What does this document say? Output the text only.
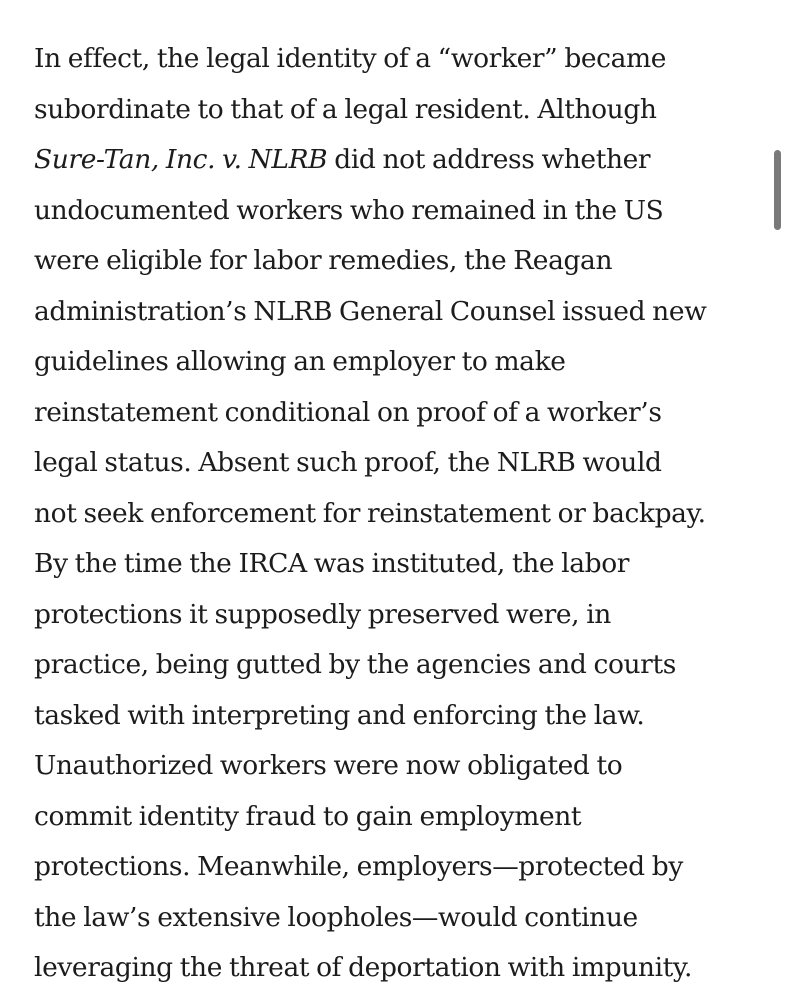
In effect, the legal identity of a “worker” became
subordinate to that of a legal resident. Although
Sure-Tan, Inc. v. NLRB did not address whether
undocumented workers who remained in the US
were eligible for labor remedies, the Reagan
administration’s NLRB General Counsel issued new
guidelines allowing an employer to make
reinstatement conditional on proof of a worker’s
legal status. Absent such proof, the NLRB would
not seek enforcement for reinstatement or backpay.
By the time the IRCA was instituted, the labor
protections it supposedly preserved were, in
practice, being gutted by the agencies and courts
tasked with interpreting and enforcing the law.
Unauthorized workers were now obligated to
commit identity fraud to gain employment
protections. Meanwhile, employers—protected by
the law’s extensive loopholes—would continue
leveraging the threat of deportation with impunity.
